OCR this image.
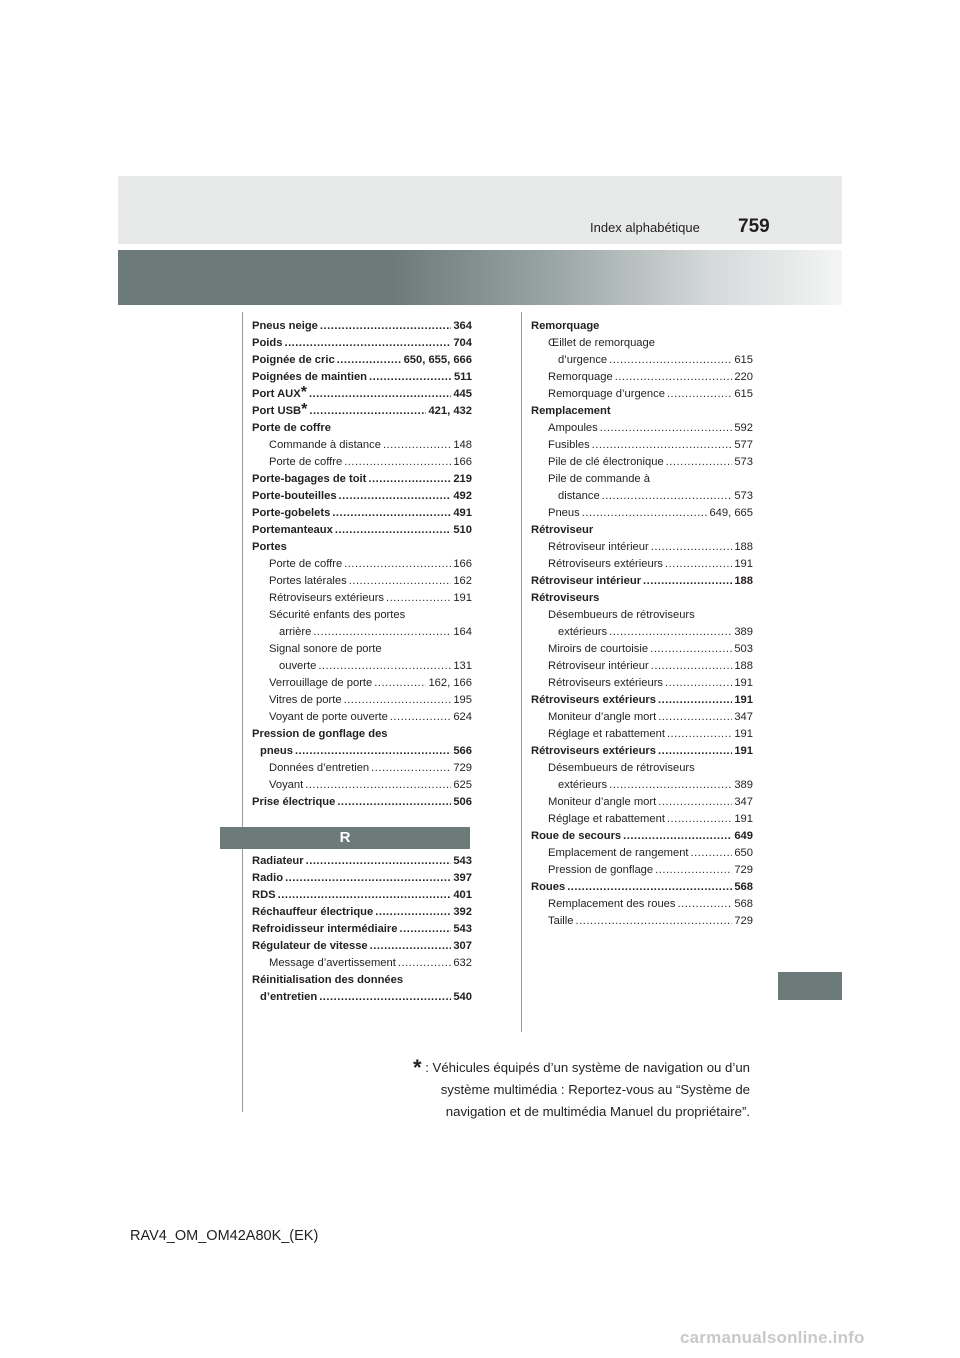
759
Index alphabétique
Pneus neige .....	364
Poids .....	704
Poignée de cric .....	650, 655, 666
Poignées de maintien .....	511
Port AUX * .....	445
Port USB * .....	421, 432
Porte de coffre
Commande à distance .....	148
Porte de coffre .....	166
Porte-bagages de toit .....	219
Porte-bouteilles .....	492
Porte-gobelets .....	491
Portemanteaux .....	510
Portes
Porte de coffre .....	166
Portes latérales .....	162
Rétroviseurs extérieurs .....	191
Sécurité enfants des portes
arrière .....	164
Signal sonore de porte
ouverte .....	131
Verrouillage de porte .....	162, 166
Vitres de porte .....	195
Voyant de porte ouverte .....	624
Pression de gonflage des
pneus .....	566
Données d’entretien .....	729
Voyant .....	625
Prise électrique .....	506
R
Radiateur .....	543
Radio .....	397
RDS .....	401
Réchauffeur électrique .....	392
Refroidisseur intermédiaire .....	543
Régulateur de vitesse .....	307
Message d’avertissement .....	632
Réinitialisation des données
d’entretien .....	540
Remorquage
Œillet de remorquage
d’urgence .....	615
Remorquage .....	220
Remorquage d’urgence .....	615
Remplacement
Ampoules .....	592
Fusibles .....	577
Pile de clé électronique .....	573
Pile de commande à
distance .....	573
Pneus .....	649, 665
Rétroviseur
Rétroviseur intérieur .....	188
Rétroviseurs extérieurs .....	191
Rétroviseur intérieur .....	188
Rétroviseurs
Désembueurs de rétroviseurs
extérieurs .....	389
Miroirs de courtoisie .....	503
Rétroviseur intérieur .....	188
Rétroviseurs extérieurs .....	191
Rétroviseurs extérieurs .....	191
Moniteur d’angle mort .....	347
Réglage et rabattement .....	191
Rétroviseurs extérieurs .....	191
Désembueurs de rétroviseurs
extérieurs .....	389
Moniteur d’angle mort .....	347
Réglage et rabattement .....	191
Roue de secours .....	649
Emplacement de rangement .....	650
Pression de gonflage .....	729
Roues .....	568
Remplacement des roues .....	568
Taille .....	729
* : Véhicules équipés d’un système de navigation ou d’un
système multimédia : Reportez-vous au “Système de
navigation et de multimédia Manuel du propriétaire”.
RAV4_OM_OM42A80K_(EK)
carmanualsonline.info
